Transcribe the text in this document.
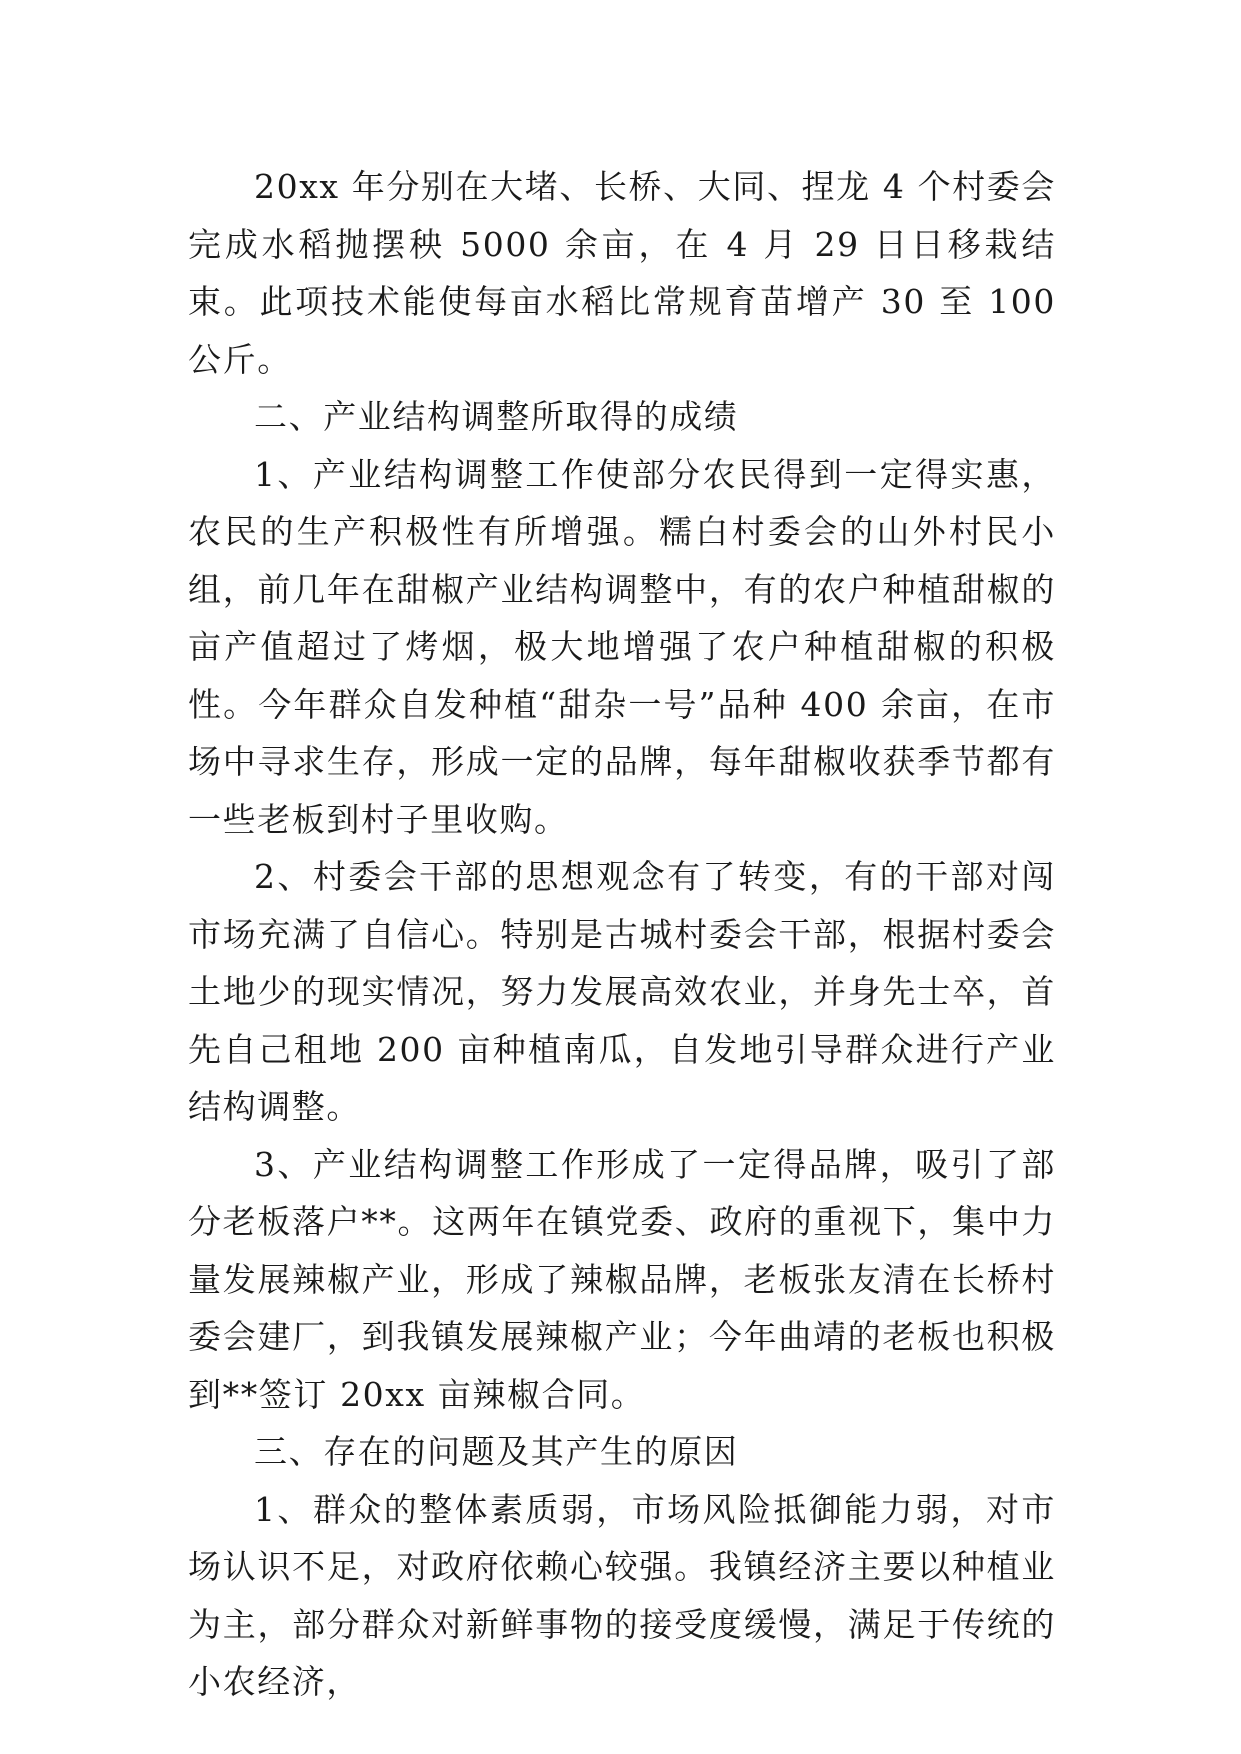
20xx 年分别在大堵、长桥、大同、捏龙 4 个村委会完成水稻抛摆秧 5000 余亩，在 4 月 29 日日移栽结束。此项技术能使每亩水稻比常规育苗增产 30 至 100 公斤。

二、产业结构调整所取得的成绩

1、产业结构调整工作使部分农民得到一定得实惠，农民的生产积极性有所增强。糯白村委会的山外村民小组，前几年在甜椒产业结构调整中，有的农户种植甜椒的亩产值超过了烤烟，极大地增强了农户种植甜椒的积极性。今年群众自发种植“甜杂一号”品种 400 余亩，在市场中寻求生存，形成一定的品牌，每年甜椒收获季节都有一些老板到村子里收购。

2、村委会干部的思想观念有了转变，有的干部对闯市场充满了自信心。特别是古城村委会干部，根据村委会土地少的现实情况，努力发展高效农业，并身先士卒，首先自己租地 200 亩种植南瓜，自发地引导群众进行产业结构调整。

3、产业结构调整工作形成了一定得品牌，吸引了部分老板落户**。这两年在镇党委、政府的重视下，集中力量发展辣椒产业，形成了辣椒品牌，老板张友清在长桥村委会建厂，到我镇发展辣椒产业；今年曲靖的老板也积极到**签订 20xx 亩辣椒合同。

三、存在的问题及其产生的原因

1、群众的整体素质弱，市场风险抵御能力弱，对市场认识不足，对政府依赖心较强。我镇经济主要以种植业为主，部分群众对新鲜事物的接受度缓慢，满足于传统的小农经济，
